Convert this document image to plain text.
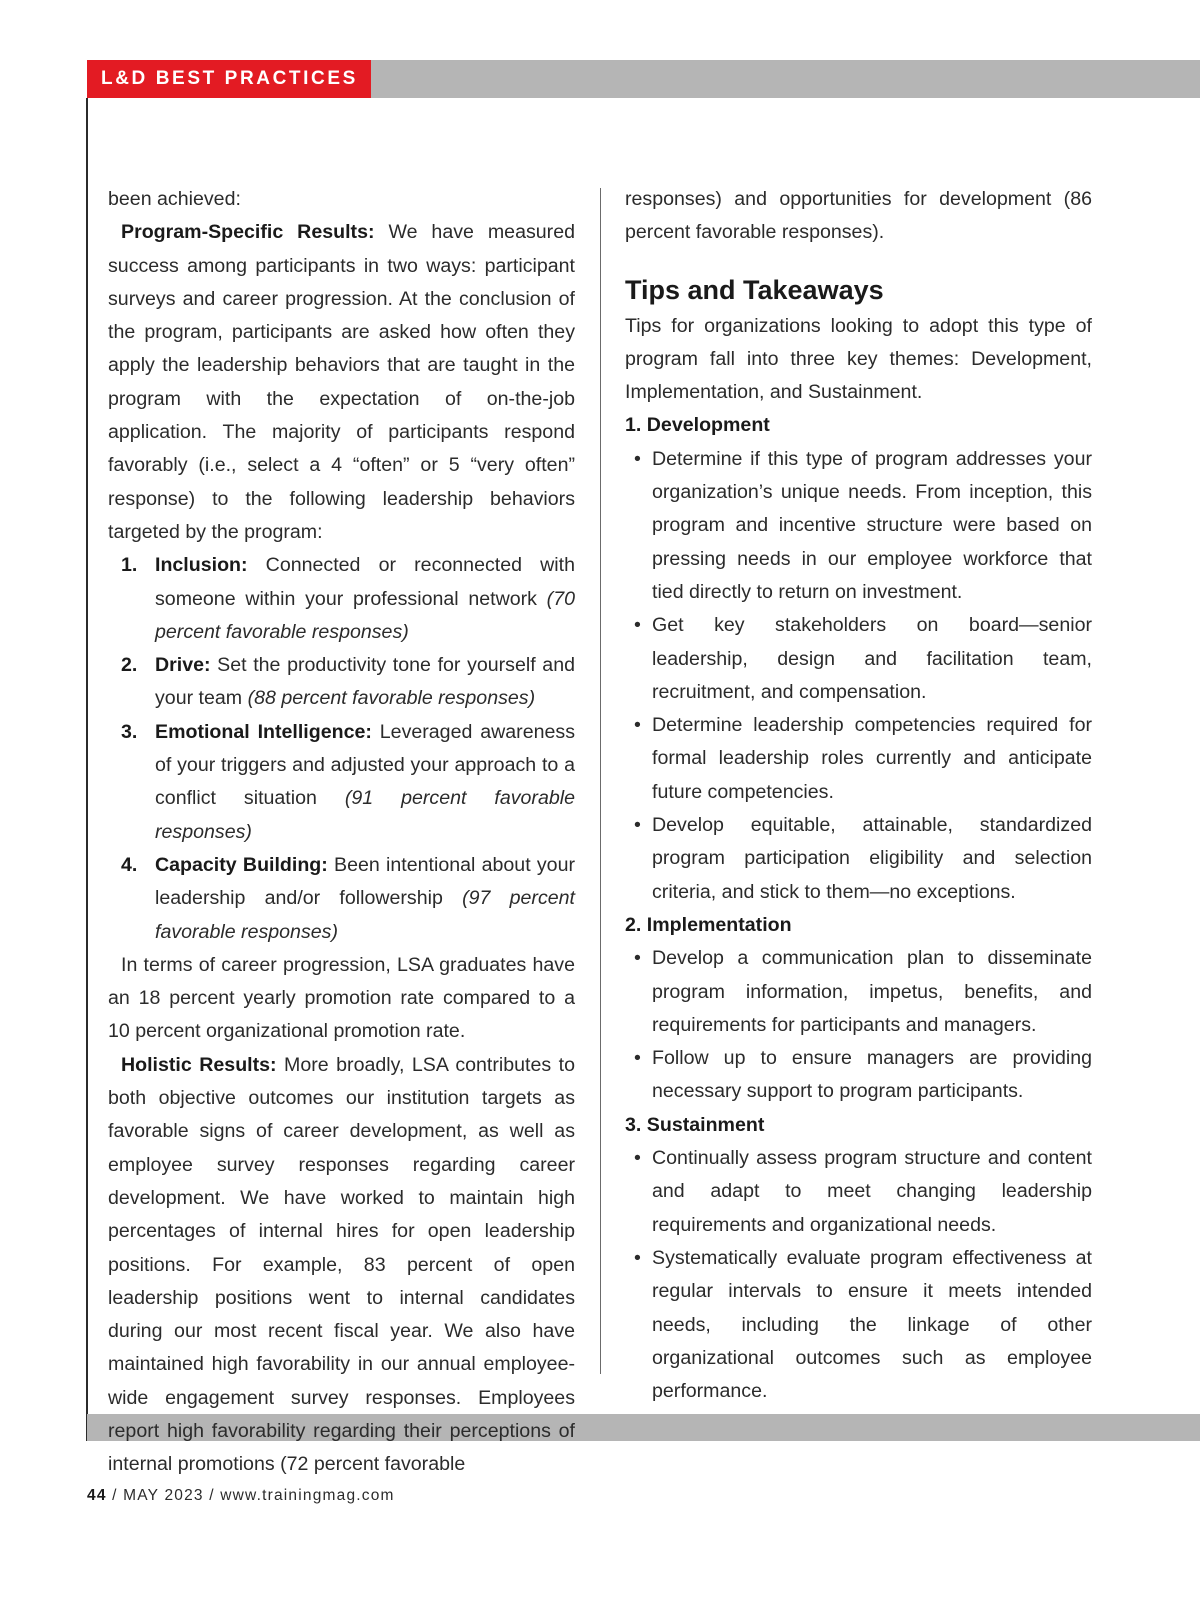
L&D BEST PRACTICES

been achieved:

Program-Specific Results: We have measured success among participants in two ways: participant surveys and career progression. At the conclusion of the program, participants are asked how often they apply the leadership behaviors that are taught in the program with the expectation of on-the-job application. The majority of participants respond favorably (i.e., select a 4 “often” or 5 “very often” response) to the following leadership behaviors targeted by the program:

1. Inclusion: Connected or reconnected with someone within your professional network (70 percent favorable responses)
2. Drive: Set the productivity tone for yourself and your team (88 percent favorable responses)
3. Emotional Intelligence: Leveraged awareness of your triggers and adjusted your approach to a conflict situation (91 percent favorable responses)
4. Capacity Building: Been intentional about your leadership and/or followership (97 percent favorable responses)

In terms of career progression, LSA graduates have an 18 percent yearly promotion rate compared to a 10 percent organizational promotion rate.

Holistic Results: More broadly, LSA contributes to both objective outcomes our institution targets as favorable signs of career development, as well as employee survey responses regarding career development. We have worked to maintain high percentages of internal hires for open leadership positions. For example, 83 percent of open leadership positions went to internal candidates during our most recent fiscal year. We also have maintained high favorability in our annual employee-wide engagement survey responses. Employees report high favorability regarding their perceptions of internal promotions (72 percent favorable

responses) and opportunities for development (86 percent favorable responses).

Tips and Takeaways

Tips for organizations looking to adopt this type of program fall into three key themes: Development, Implementation, and Sustainment.

1. Development
• Determine if this type of program addresses your organization’s unique needs. From inception, this program and incentive structure were based on pressing needs in our employee workforce that tied directly to return on investment.
• Get key stakeholders on board—senior leadership, design and facilitation team, recruitment, and compensation.
• Determine leadership competencies required for formal leadership roles currently and anticipate future competencies.
• Develop equitable, attainable, standardized program participation eligibility and selection criteria, and stick to them—no exceptions.
2. Implementation
• Develop a communication plan to disseminate program information, impetus, benefits, and requirements for participants and managers.
• Follow up to ensure managers are providing necessary support to program participants.
3. Sustainment
• Continually assess program structure and content and adapt to meet changing leadership requirements and organizational needs.
• Systematically evaluate program effectiveness at regular intervals to ensure it meets intended needs, including the linkage of other organizational outcomes such as employee performance.
44 / MAY 2023 / www.trainingmag.com
